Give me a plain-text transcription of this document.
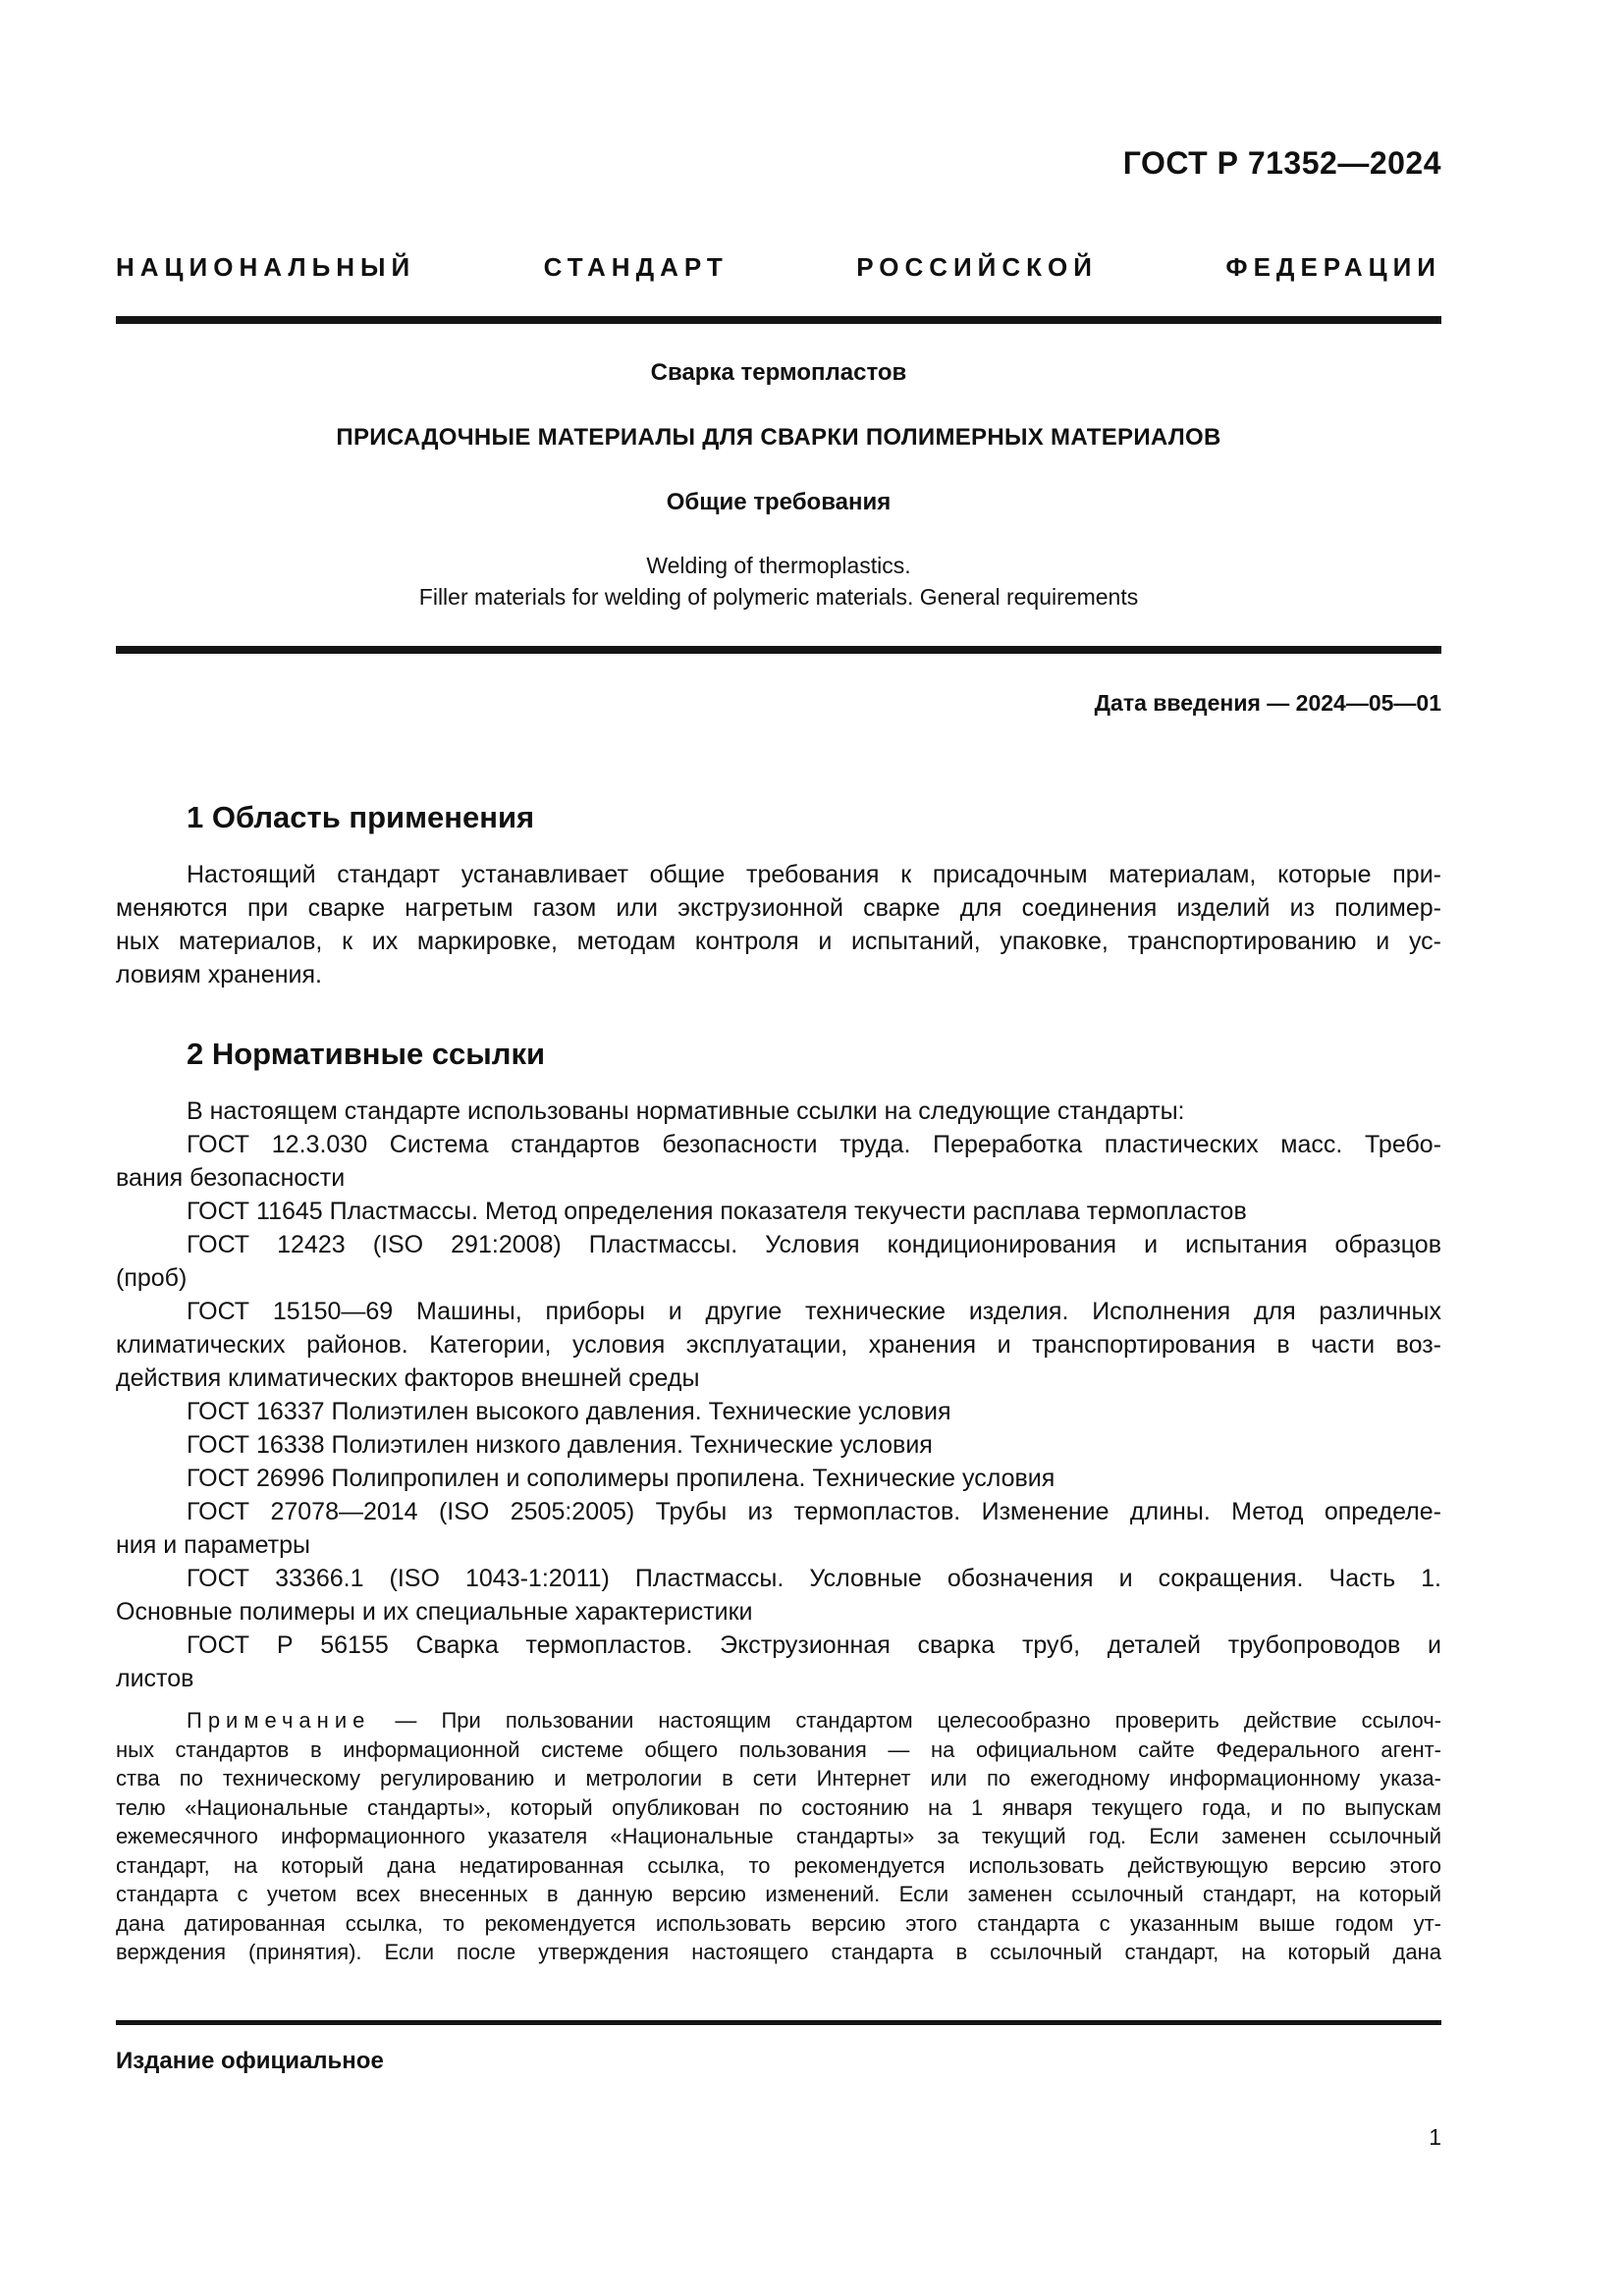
ГОСТ Р 71352—2024
НАЦИОНАЛЬНЫЙ СТАНДАРТ РОССИЙСКОЙ ФЕДЕРАЦИИ
Сварка термопластов
ПРИСАДОЧНЫЕ МАТЕРИАЛЫ ДЛЯ СВАРКИ ПОЛИМЕРНЫХ МАТЕРИАЛОВ
Общие требования
Welding of thermoplastics.
Filler materials for welding of polymeric materials. General requirements
Дата введения — 2024—05—01
1 Область применения
Настоящий стандарт устанавливает общие требования к присадочным материалам, которые при-
меняются при сварке нагретым газом или экструзионной сварке для соединения изделий из полимер-
ных материалов, к их маркировке, методам контроля и испытаний, упаковке, транспортированию и ус-
ловиям хранения.
2 Нормативные ссылки
В настоящем стандарте использованы нормативные ссылки на следующие стандарты:
ГОСТ 12.3.030 Система стандартов безопасности труда. Переработка пластических масс. Требо-
вания безопасности
ГОСТ 11645 Пластмассы. Метод определения показателя текучести расплава термопластов
ГОСТ 12423 (ISO 291:2008) Пластмассы. Условия кондиционирования и испытания образцов
(проб)
ГОСТ 15150—69 Машины, приборы и другие технические изделия. Исполнения для различных
климатических районов. Категории, условия эксплуатации, хранения и транспортирования в части воз-
действия климатических факторов внешней среды
ГОСТ 16337 Полиэтилен высокого давления. Технические условия
ГОСТ 16338 Полиэтилен низкого давления. Технические условия
ГОСТ 26996 Полипропилен и сополимеры пропилена. Технические условия
ГОСТ 27078—2014 (ISO 2505:2005) Трубы из термопластов. Изменение длины. Метод определе-
ния и параметры
ГОСТ 33366.1 (ISO 1043-1:2011) Пластмассы. Условные обозначения и сокращения. Часть 1.
Основные полимеры и их специальные характеристики
ГОСТ Р 56155 Сварка термопластов. Экструзионная сварка труб, деталей трубопроводов и
листов
Примечание — При пользовании настоящим стандартом целесообразно проверить действие ссылоч-
ных стандартов в информационной системе общего пользования — на официальном сайте Федерального агент-
ства по техническому регулированию и метрологии в сети Интернет или по ежегодному информационному указа-
телю «Национальные стандарты», который опубликован по состоянию на 1 января текущего года, и по выпускам
ежемесячного информационного указателя «Национальные стандарты» за текущий год. Если заменен ссылочный
стандарт, на который дана недатированная ссылка, то рекомендуется использовать действующую версию этого
стандарта с учетом всех внесенных в данную версию изменений. Если заменен ссылочный стандарт, на который
дана датированная ссылка, то рекомендуется использовать версию этого стандарта с указанным выше годом ут-
верждения (принятия). Если после утверждения настоящего стандарта в ссылочный стандарт, на который дана
Издание официальное
1
